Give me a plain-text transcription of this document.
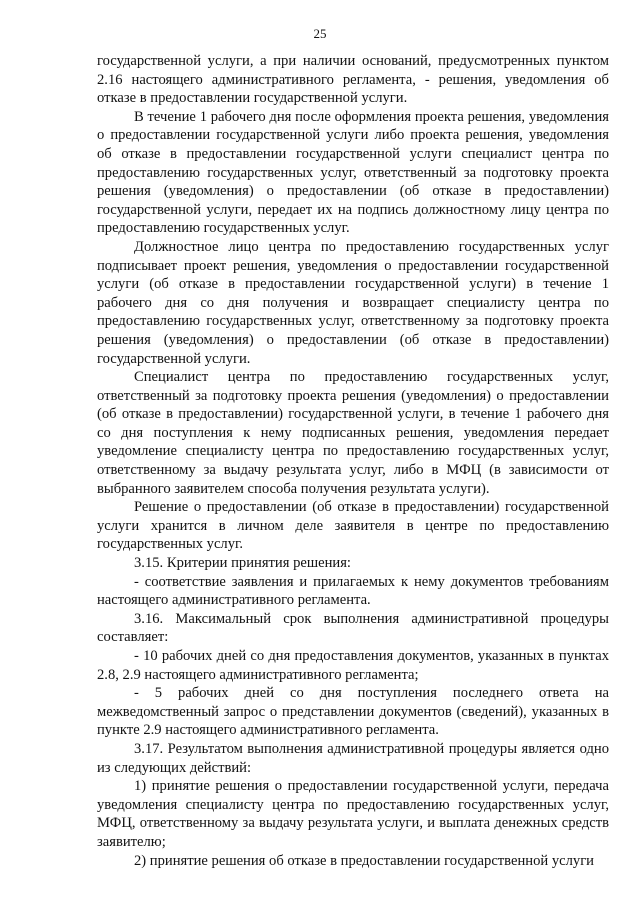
25

государственной услуги, а при наличии оснований, предусмотренных пунктом 2.16 настоящего административного регламента, - решения, уведомления об отказе в предоставлении государственной услуги.

В течение 1 рабочего дня после оформления проекта решения, уведомления о предоставлении государственной услуги либо проекта решения, уведомления об отказе в предоставлении государственной услуги специалист центра по предоставлению государственных услуг, ответственный за подготовку проекта решения (уведомления) о предоставлении (об отказе в предоставлении) государственной услуги, передает их на подпись должностному лицу центра по предоставлению государственных услуг.

Должностное лицо центра по предоставлению государственных услуг подписывает проект решения, уведомления о предоставлении государственной услуги (об отказе в предоставлении государственной услуги) в течение 1 рабочего дня со дня получения и возвращает специалисту центра по предоставлению государственных услуг, ответственному за подготовку проекта решения (уведомления) о предоставлении (об отказе в предоставлении) государственной услуги.

Специалист центра по предоставлению государственных услуг, ответственный за подготовку проекта решения (уведомления) о предоставлении (об отказе в предоставлении) государственной услуги, в течение 1 рабочего дня со дня поступления к нему подписанных решения, уведомления передает уведомление специалисту центра по предоставлению государственных услуг, ответственному за выдачу результата услуг, либо в МФЦ (в зависимости от выбранного заявителем способа получения результата услуги).

Решение о предоставлении (об отказе в предоставлении) государственной услуги хранится в личном деле заявителя в центре по предоставлению государственных услуг.

3.15. Критерии принятия решения:

- соответствие заявления и прилагаемых к нему документов требованиям настоящего административного регламента.

3.16. Максимальный срок выполнения административной процедуры составляет:

- 10 рабочих дней со дня предоставления документов, указанных в пунктах 2.8, 2.9 настоящего административного регламента;

- 5 рабочих дней со дня поступления последнего ответа на межведомственный запрос о представлении документов (сведений), указанных в пункте 2.9 настоящего административного регламента.

3.17. Результатом выполнения административной процедуры является одно из следующих действий:

1) принятие решения о предоставлении государственной услуги, передача уведомления специалисту центра по предоставлению государственных услуг, МФЦ, ответственному за выдачу результата услуги, и выплата денежных средств заявителю;

2) принятие решения об отказе в предоставлении государственной услуги
